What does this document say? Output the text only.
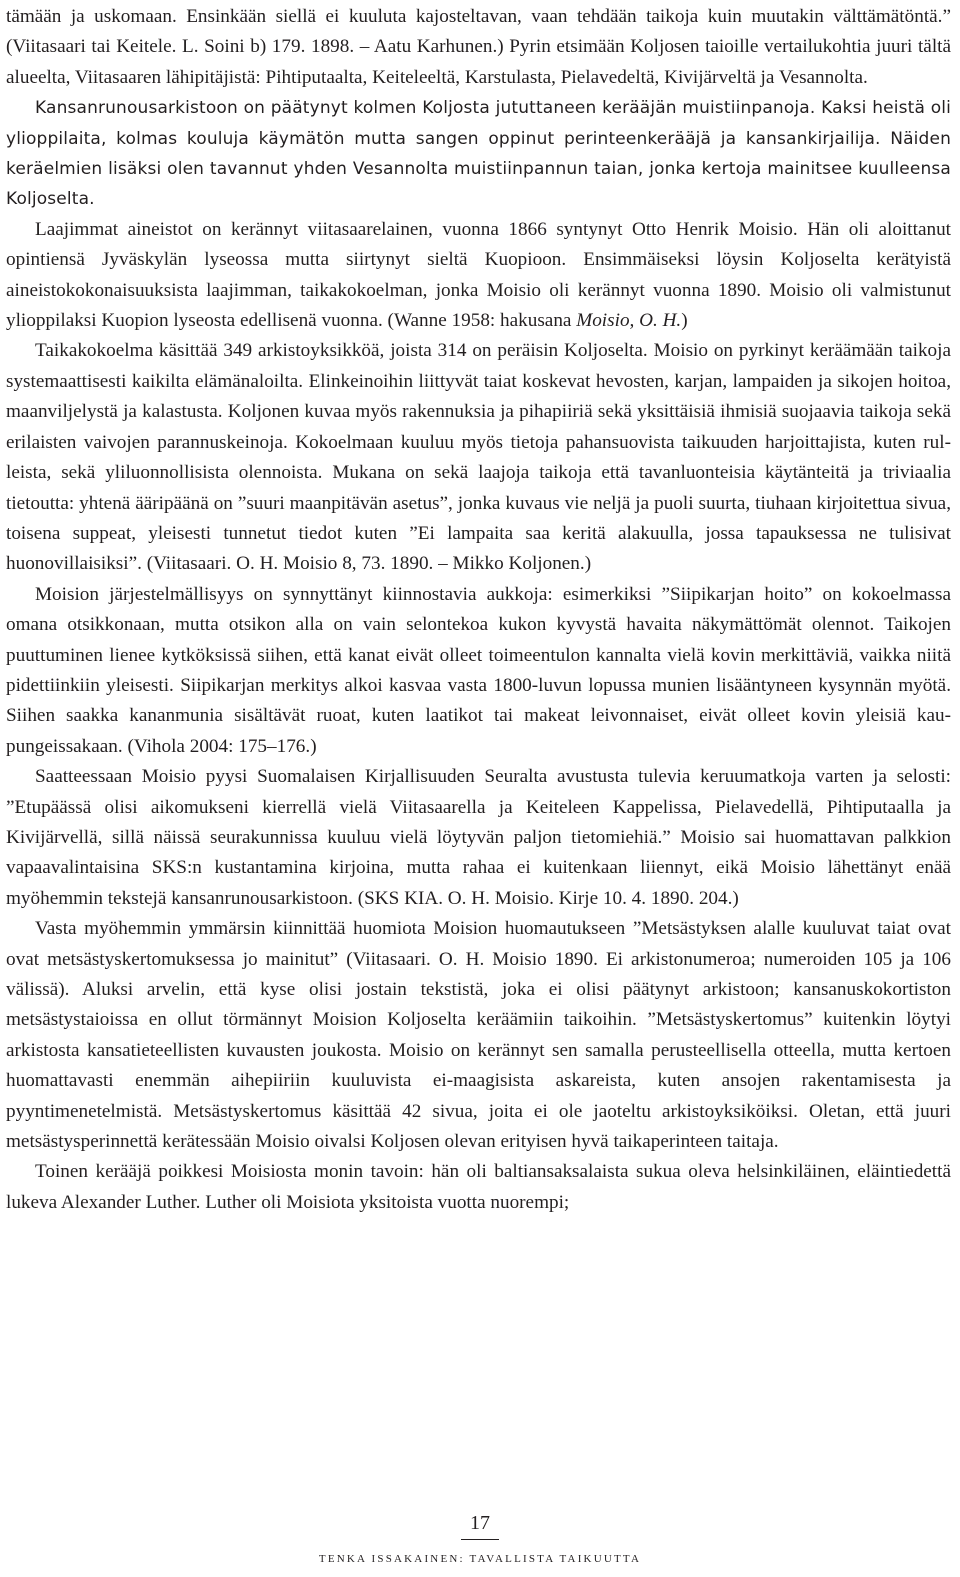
tämään ja uskomaan. Ensinkään siellä ei kuuluta kajosteltavan, vaan tehdään taikoja kuin muutakin välttämätöntä.” (Viitasaari tai Keitele. L. Soini b) 179. 1898. – Aatu Karhunen.) Pyrin etsimään Koljosen taioille vertailukohtia juuri tältä alueelta, Viitasaaren lähipitäjistä: Pihtiputaalta, Keiteleeltä, Karstulasta, Pielavedeltä, Kivijärveltä ja Vesannolta.

Kansanrunousarkistoon on päätynyt kolmen Koljosta jututtaneen kerääjän muistiinpanoja. Kaksi heistä oli ylioppilaita, kolmas kouluja käymätön mutta sangen oppinut perinteenkerääjä ja kansankirjailija. Näiden keräelmien lisäksi olen tavannut yhden Vesannolta muistiinpannun taian, jonka kertoja mainitsee kuulleensa Koljoselta.

Laajimmat aineistot on kerännyt viitasaarelainen, vuonna 1866 syntynyt Otto Henrik Moisio. Hän oli aloittanut opintiensä Jyväskylän lyseossa mutta siirtynyt sieltä Kuopioon. Ensimmäiseksi löysin Koljoselta kerätyistä aineistokokonaisuuksista laajimman, taikakokoelman, jonka Moisio oli kerännyt vuonna 1890. Moisio oli valmistunut ylioppilaksi Kuopion lyseosta edellisenä vuonna. (Wanne 1958: hakusana Moisio, O. H.)

Taikakokoelma käsittää 349 arkistoyksikköä, joista 314 on peräisin Koljoselta. Moisio on pyrkinyt keräämään taikoja systemaattisesti kaikilta elämänaloilta. Elinkeinoihin liittyvät taiat koskevat hevosten, karjan, lampaiden ja sikojen hoitoa, maanviljelystä ja kalastusta. Koljonen kuvaa myös rakennuksia ja pihapiiriä sekä yksittäisiä ihmisiä suojaavia taikoja sekä erilaisten vaivojen parannuskeinoja. Kokoelmaan kuuluu myös tietoja pahansuovista taikuuden harjoittajista, kuten rulleista, sekä yliluonnollisista olennoista. Mukana on sekä laajoja taikoja että tavanluonteisia käytänteitä ja triviaalia tietoutta: yhtenä ääripäänä on ”suuri maanpitävän asetus”, jonka kuvaus vie neljä ja puoli suurta, tiuhaan kirjoitettua sivua, toisena suppeat, yleisesti tunnetut tiedot kuten ”Ei lampaita saa keritä alakuulla, jossa tapauksessa ne tulisivat huonovillaisiksi”. (Viitasaari. O. H. Moisio 8, 73. 1890. – Mikko Koljonen.)

Moision järjestelmällisyys on synnyttänyt kiinnostavia aukkoja: esimerkiksi ”Siipikarjan hoito” on kokoelmassa omana otsikkonaan, mutta otsikon alla on vain selontekoa kukon kyvystä havaita näkymättömät olennot. Taikojen puuttuminen lienee kytköksissä siihen, että kanat eivät olleet toimeentulon kannalta vielä kovin merkittäviä, vaikka niitä pidettiinkiin yleisesti. Siipikarjan merkitys alkoi kasvaa vasta 1800-luvun lopussa munien lisääntyneen kysynnän myötä. Siihen saakka kananmunia sisältävät ruoat, kuten laatikot tai makeat leivonnaiset, eivät olleet kovin yleisiä kaupungeissakaan. (Vihola 2004: 175–176.)

Saatteessaan Moisio pyysi Suomalaisen Kirjallisuuden Seuralta avustusta tulevia keruumatkoja varten ja selosti: ”Etupäässä olisi aikomukseni kierrellä vielä Viitasaarella ja Keiteleen Kappelissa, Pielavedellä, Pihtiputaalla ja Kivijärvellä, sillä näissä seurakunnissa kuuluu vielä löytyvän paljon tietomiehiä.” Moisio sai huomattavan palkkion vapaavalintaisina SKS:n kustantamina kirjoina, mutta rahaa ei kuitenkaan liiennyt, eikä Moisio lähettänyt enää myöhemmin tekstejä kansanrunousarkistoon. (SKS KIA. O. H. Moisio. Kirje 10. 4. 1890. 204.)

Vasta myöhemmin ymmärsin kiinnittää huomiota Moision huomautukseen ”Metsästyksen alalle kuuluvat taiat ovat ovat metsästyskertomuksessa jo mainitut” (Viitasaari. O. H. Moisio 1890. Ei arkistonumeroa; numeroiden 105 ja 106 välissä). Aluksi arvelin, että kyse olisi jostain tekstistä, joka ei olisi päätynyt arkistoon; kansanuskokortiston metsästystaioissa en ollut törmännyt Moision Koljoselta keräämiin taikoihin. ”Metsästyskertomus” kuitenkin löytyi arkistosta kansatieteellisten kuvausten joukosta. Moisio on kerännyt sen samalla perusteellisella otteella, mutta kertoen huomattavasti enemmän aihepiiriin kuuluvista ei-maagisista askareista, kuten ansojen rakentamisesta ja pyyntimenetelmistä. Metsästyskertomus käsittää 42 sivua, joita ei ole jaoteltu arkistoyksiköiksi. Oletan, että juuri metsästysperinnettä kerätessään Moisio oivalsi Koljosen olevan erityisen hyvä taikaperinteen taitaja.

Toinen kerääjä poikkesi Moisiosta monin tavoin: hän oli baltiansaksalaista sukua oleva helsinkiläinen, eläintiedettä lukeva Alexander Luther. Luther oli Moisiota yksitoista vuotta nuorempi;

17
TENKA ISSAKAINEN: TAVALLISTA TAIKUUTTA
